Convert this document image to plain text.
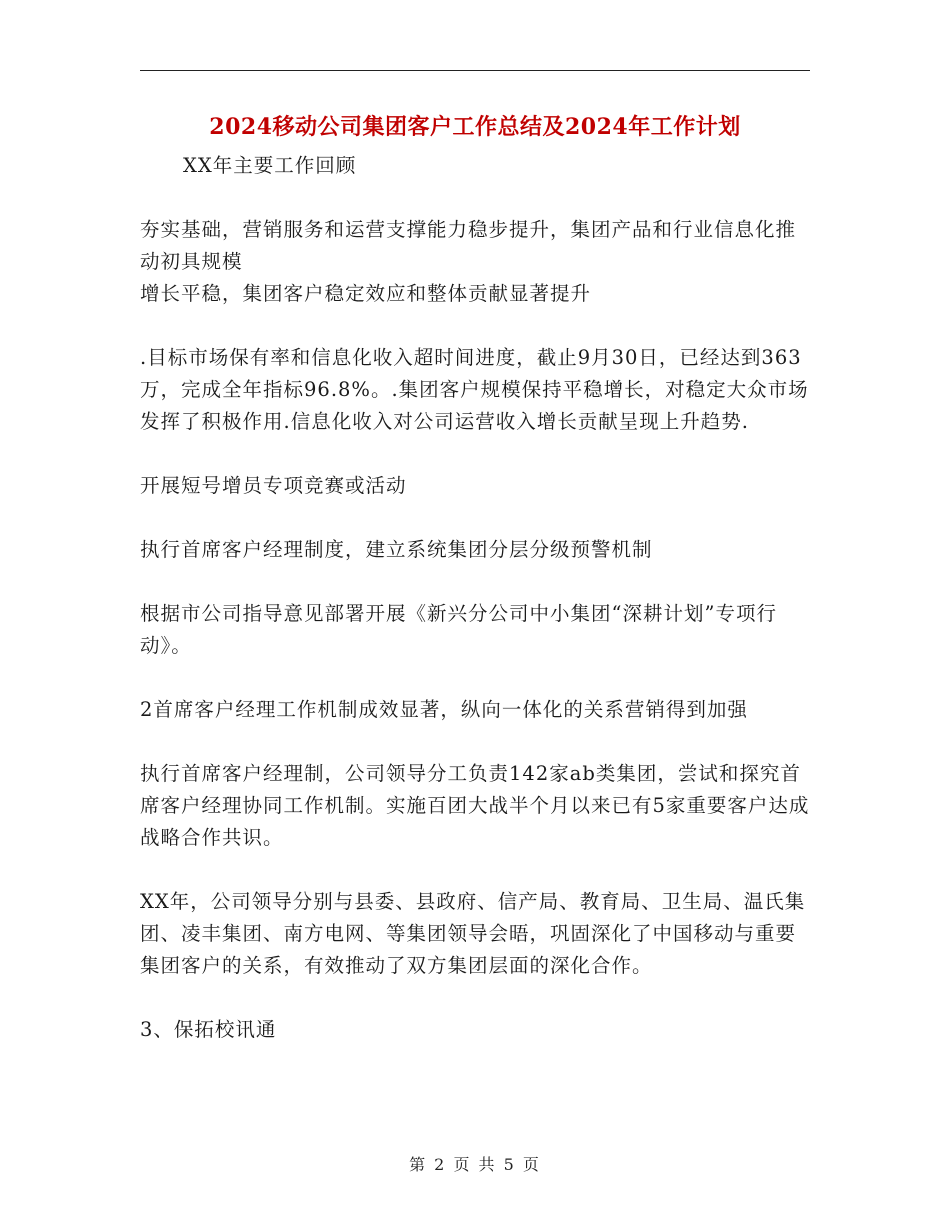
2024移动公司集团客户工作总结及2024年工作计划

XX年主要工作回顾

夯实基础，营销服务和运营支撑能力稳步提升，集团产品和行业信息化推动初具规模

增长平稳，集团客户稳定效应和整体贡献显著提升

.目标市场保有率和信息化收入超时间进度，截止9月30日，已经达到363万，完成全年指标96.8%。.集团客户规模保持平稳增长，对稳定大众市场发挥了积极作用.信息化收入对公司运营收入增长贡献呈现上升趋势.

开展短号增员专项竞赛或活动

执行首席客户经理制度，建立系统集团分层分级预警机制

根据市公司指导意见部署开展《新兴分公司中小集团“深耕计划”专项行动》。

2首席客户经理工作机制成效显著，纵向一体化的关系营销得到加强

执行首席客户经理制，公司领导分工负责142家ab类集团，尝试和探究首席客户经理协同工作机制。实施百团大战半个月以来已有5家重要客户达成战略合作共识。

XX年，公司领导分别与县委、县政府、信产局、教育局、卫生局、温氏集团、凌丰集团、南方电网、等集团领导会晤，巩固深化了中国移动与重要集团客户的关系，有效推动了双方集团层面的深化合作。

3、保拓校讯通

第 2 页 共 5 页
